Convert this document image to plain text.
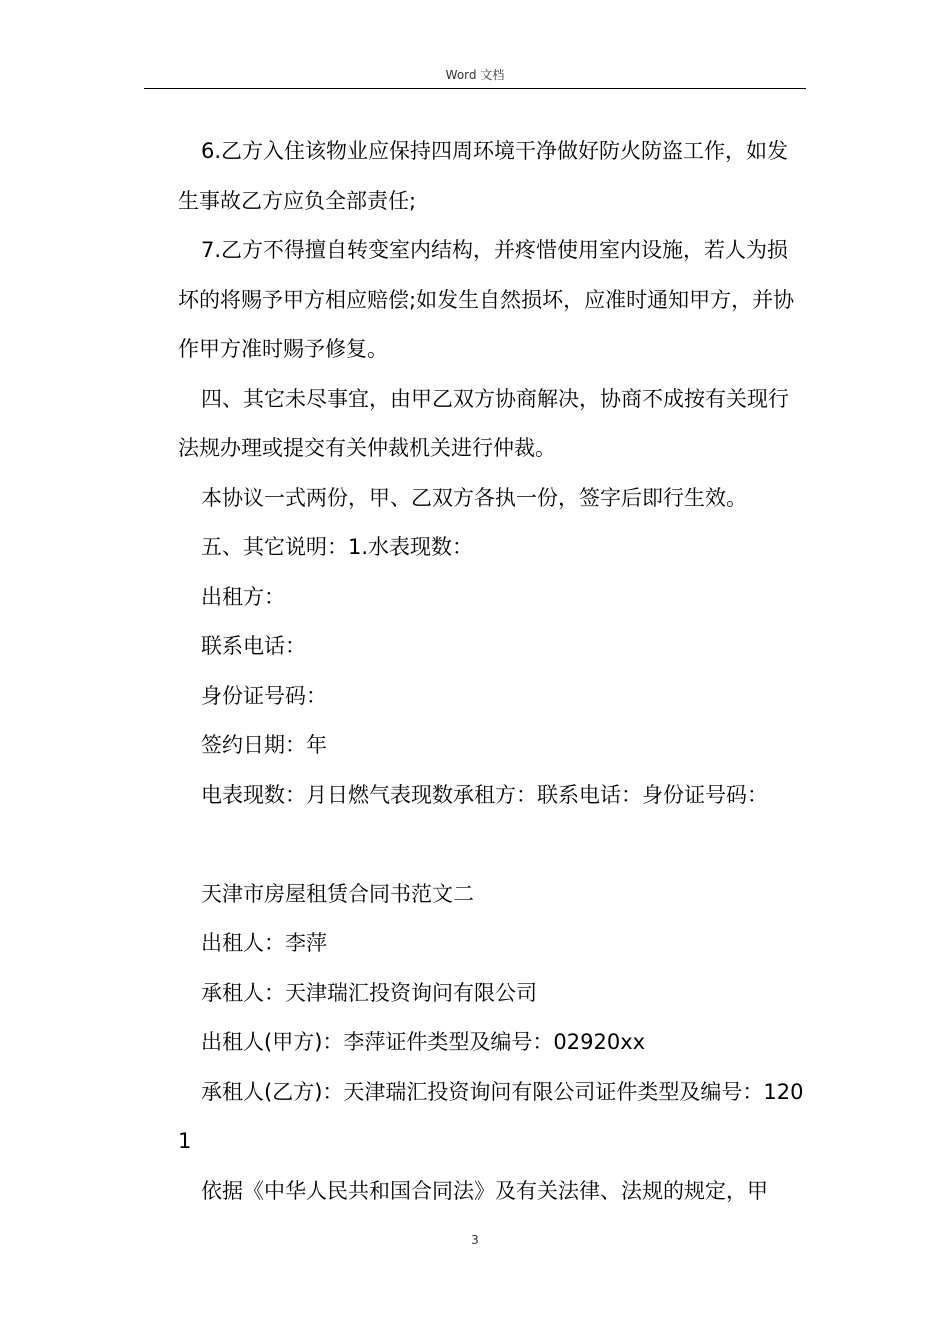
Word 文档

6.乙方入住该物业应保持四周环境干净做好防火防盗工作，如发生事故乙方应负全部责任;

7.乙方不得擅自转变室内结构，并疼惜使用室内设施，若人为损坏的将赐予甲方相应赔偿;如发生自然损坏，应准时通知甲方，并协作甲方准时赐予修复。

四、其它未尽事宜，由甲乙双方协商解决，协商不成按有关现行法规办理或提交有关仲裁机关进行仲裁。

本协议一式两份，甲、乙双方各执一份，签字后即行生效。

五、其它说明：1.水表现数：

出租方：

联系电话：

身份证号码：

签约日期：年

电表现数：月日燃气表现数承租方：联系电话：身份证号码：

天津市房屋租赁合同书范文二

出租人：李萍

承租人：天津瑞汇投资询问有限公司

出租人(甲方)：李萍证件类型及编号：02920xx

承租人(乙方)：天津瑞汇投资询问有限公司证件类型及编号：1201

依据《中华人民共和国合同法》及有关法律、法规的规定，甲

3
